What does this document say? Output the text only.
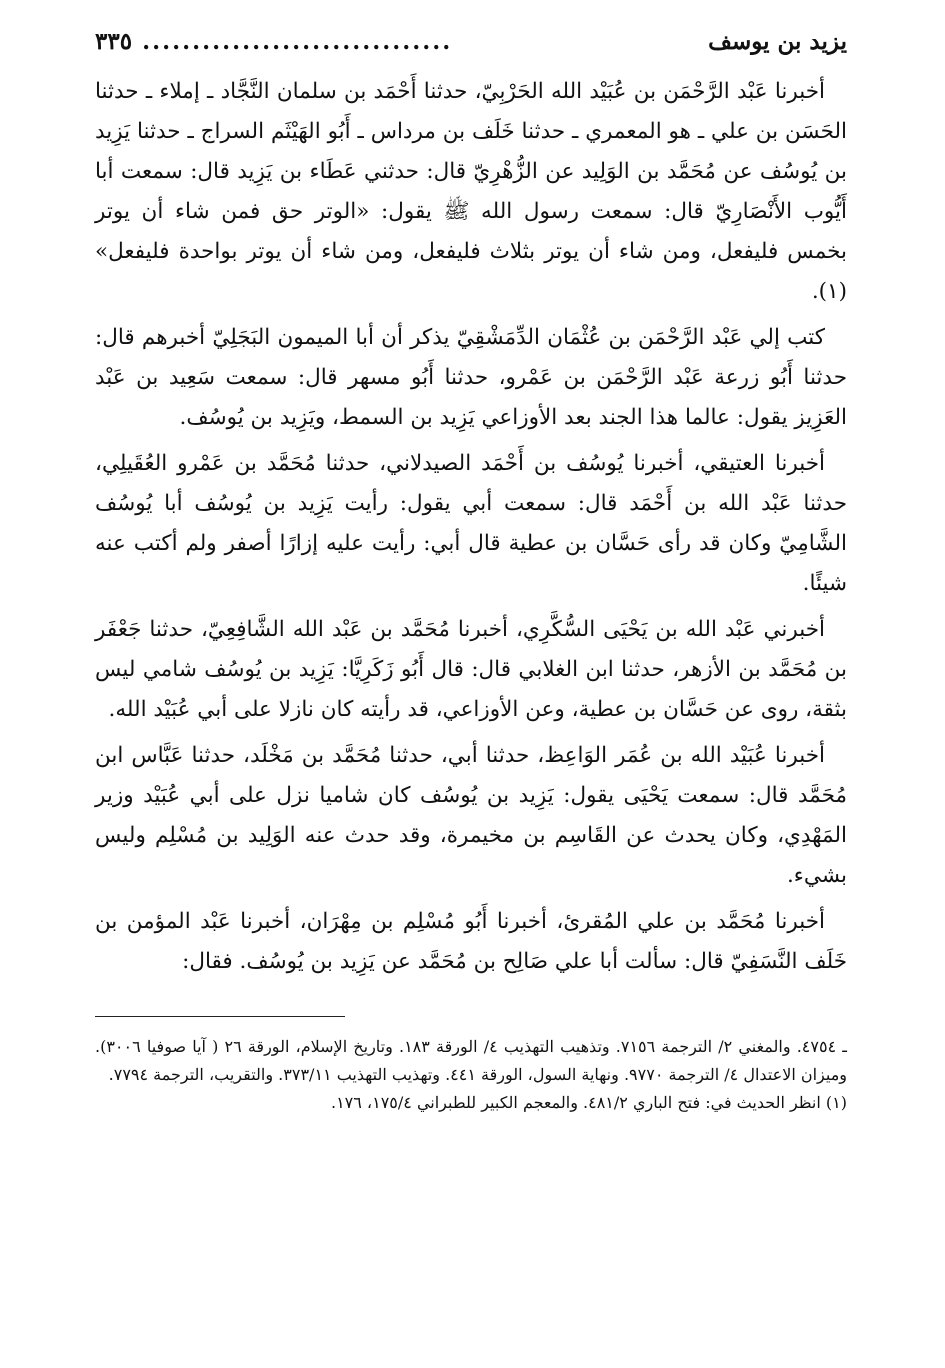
يزيد بن يوسف
...............................
٣٣٥

أخبرنا عَبْد الرَّحْمَن بن عُبَيْد الله الحَرْبِيّ، حدثنا أَحْمَد بن سلمان النَّجَّاد ـ إملاء ـ حدثنا الحَسَن بن علي ـ هو المعمري ـ حدثنا خَلَف بن مرداس ـ أَبُو الهَيْثَم السراج ـ حدثنا يَزِيد بن يُوسُف عن مُحَمَّد بن الوَلِيد عن الزُّهْرِيّ قال: حدثني عَطَاء بن يَزِيد قال: سمعت أبا أَيُّوب الأَنْصَارِيّ قال: سمعت رسول الله ﷺ يقول: «الوتر حق فمن شاء أن يوتر بخمس فليفعل، ومن شاء أن يوتر بثلاث فليفعل، ومن شاء أن يوتر بواحدة فليفعل» (١).

كتب إلي عَبْد الرَّحْمَن بن عُثْمَان الدِّمَشْقِيّ يذكر أن أبا الميمون البَجَلِيّ أخبرهم قال: حدثنا أَبُو زرعة عَبْد الرَّحْمَن بن عَمْرو، حدثنا أَبُو مسهر قال: سمعت سَعِيد بن عَبْد العَزِيز يقول: عالما هذا الجند بعد الأوزاعي يَزِيد بن السمط، ويَزِيد بن يُوسُف.

أخبرنا العتيقي، أخبرنا يُوسُف بن أَحْمَد الصيدلاني، حدثنا مُحَمَّد بن عَمْرو العُقَيلِي، حدثنا عَبْد الله بن أَحْمَد قال: سمعت أبي يقول: رأيت يَزِيد بن يُوسُف أبا يُوسُف الشَّامِيّ وكان قد رأى حَسَّان بن عطية قال أبي: رأيت عليه إزارًا أصفر ولم أكتب عنه شيئًا.

أخبرني عَبْد الله بن يَحْيَى السُّكَّرِي، أخبرنا مُحَمَّد بن عَبْد الله الشَّافِعِيّ، حدثنا جَعْفَر بن مُحَمَّد بن الأزهر، حدثنا ابن الغلابي قال: قال أَبُو زَكَرِيَّا: يَزِيد بن يُوسُف شامي ليس بثقة، روى عن حَسَّان بن عطية، وعن الأوزاعي، قد رأيته كان نازلا على أبي عُبَيْد الله.

أخبرنا عُبَيْد الله بن عُمَر الوَاعِظ، حدثنا أبي، حدثنا مُحَمَّد بن مَخْلَد، حدثنا عَبَّاس ابن مُحَمَّد قال: سمعت يَحْيَى يقول: يَزِيد بن يُوسُف كان شاميا نزل على أبي عُبَيْد وزير المَهْدِي، وكان يحدث عن القَاسِم بن مخيمرة، وقد حدث عنه الوَلِيد بن مُسْلِم وليس بشيء.

أخبرنا مُحَمَّد بن علي المُقرئ، أخبرنا أَبُو مُسْلِم بن مِهْرَان، أخبرنا عَبْد المؤمن بن خَلَف النَّسَفِيّ قال: سألت أبا علي صَالِح بن مُحَمَّد عن يَزِيد بن يُوسُف. فقال:

ـ ٤٧٥٤. والمغني ٢/ الترجمة ٧١٥٦. وتذهيب التهذيب ٤/ الورقة ١٨٣. وتاريخ الإسلام، الورقة ٢٦ ( آيا صوفيا ٣٠٠٦). وميزان الاعتدال ٤/ الترجمة ٩٧٧٠. ونهاية السول، الورقة ٤٤١. وتهذيب التهذيب ٣٧٣/١١. والتقريب، الترجمة ٧٧٩٤.

(١) انظر الحديث في: فتح الباري ٤٨١/٢. والمعجم الكبير للطبراني ١٧٥/٤، ١٧٦.
